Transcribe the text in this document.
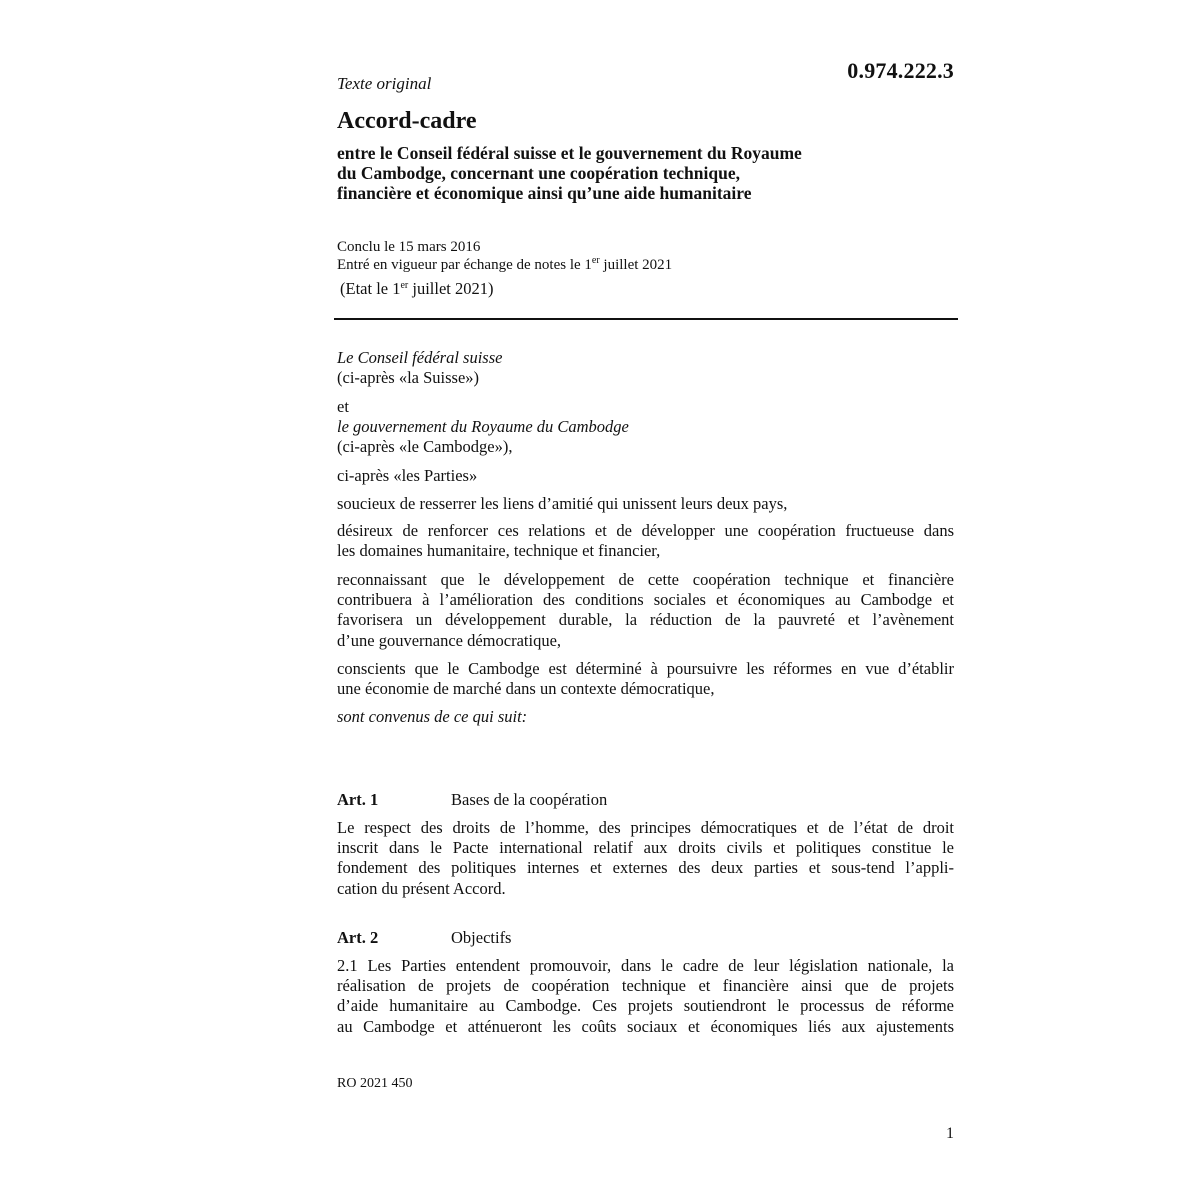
0.974.222.3
Texte original
Accord-cadre
entre le Conseil fédéral suisse et le gouvernement du Royaume
du Cambodge, concernant une coopération technique,
financière et économique ainsi qu’une aide humanitaire
Conclu le 15 mars 2016
Entré en vigueur par échange de notes le 1er juillet 2021
(Etat le 1er juillet 2021)
Le Conseil fédéral suisse
(ci-après «la Suisse»)
et
le gouvernement du Royaume du Cambodge
(ci-après «le Cambodge»),
ci-après «les Parties»
soucieux de resserrer les liens d’amitié qui unissent leurs deux pays,
désireux de renforcer ces relations et de développer une coopération fructueuse dans
les domaines humanitaire, technique et financier,
reconnaissant que le développement de cette coopération technique et financière
contribuera à l’amélioration des conditions sociales et économiques au Cambodge et
favorisera un développement durable, la réduction de la pauvreté et l’avènement
d’une gouvernance démocratique,
conscients que le Cambodge est déterminé à poursuivre les réformes en vue d’établir
une économie de marché dans un contexte démocratique,
sont convenus de ce qui suit:
Art. 1	Bases de la coopération
Le respect des droits de l’homme, des principes démocratiques et de l’état de droit
inscrit dans le Pacte international relatif aux droits civils et politiques constitue le
fondement des politiques internes et externes des deux parties et sous-tend l’appli-
cation du présent Accord.
Art. 2	Objectifs
2.1 Les Parties entendent promouvoir, dans le cadre de leur législation nationale, la
réalisation de projets de coopération technique et financière ainsi que de projets
d’aide humanitaire au Cambodge. Ces projets soutiendront le processus de réforme
au Cambodge et atténueront les coûts sociaux et économiques liés aux ajustements
RO 2021 450
1
